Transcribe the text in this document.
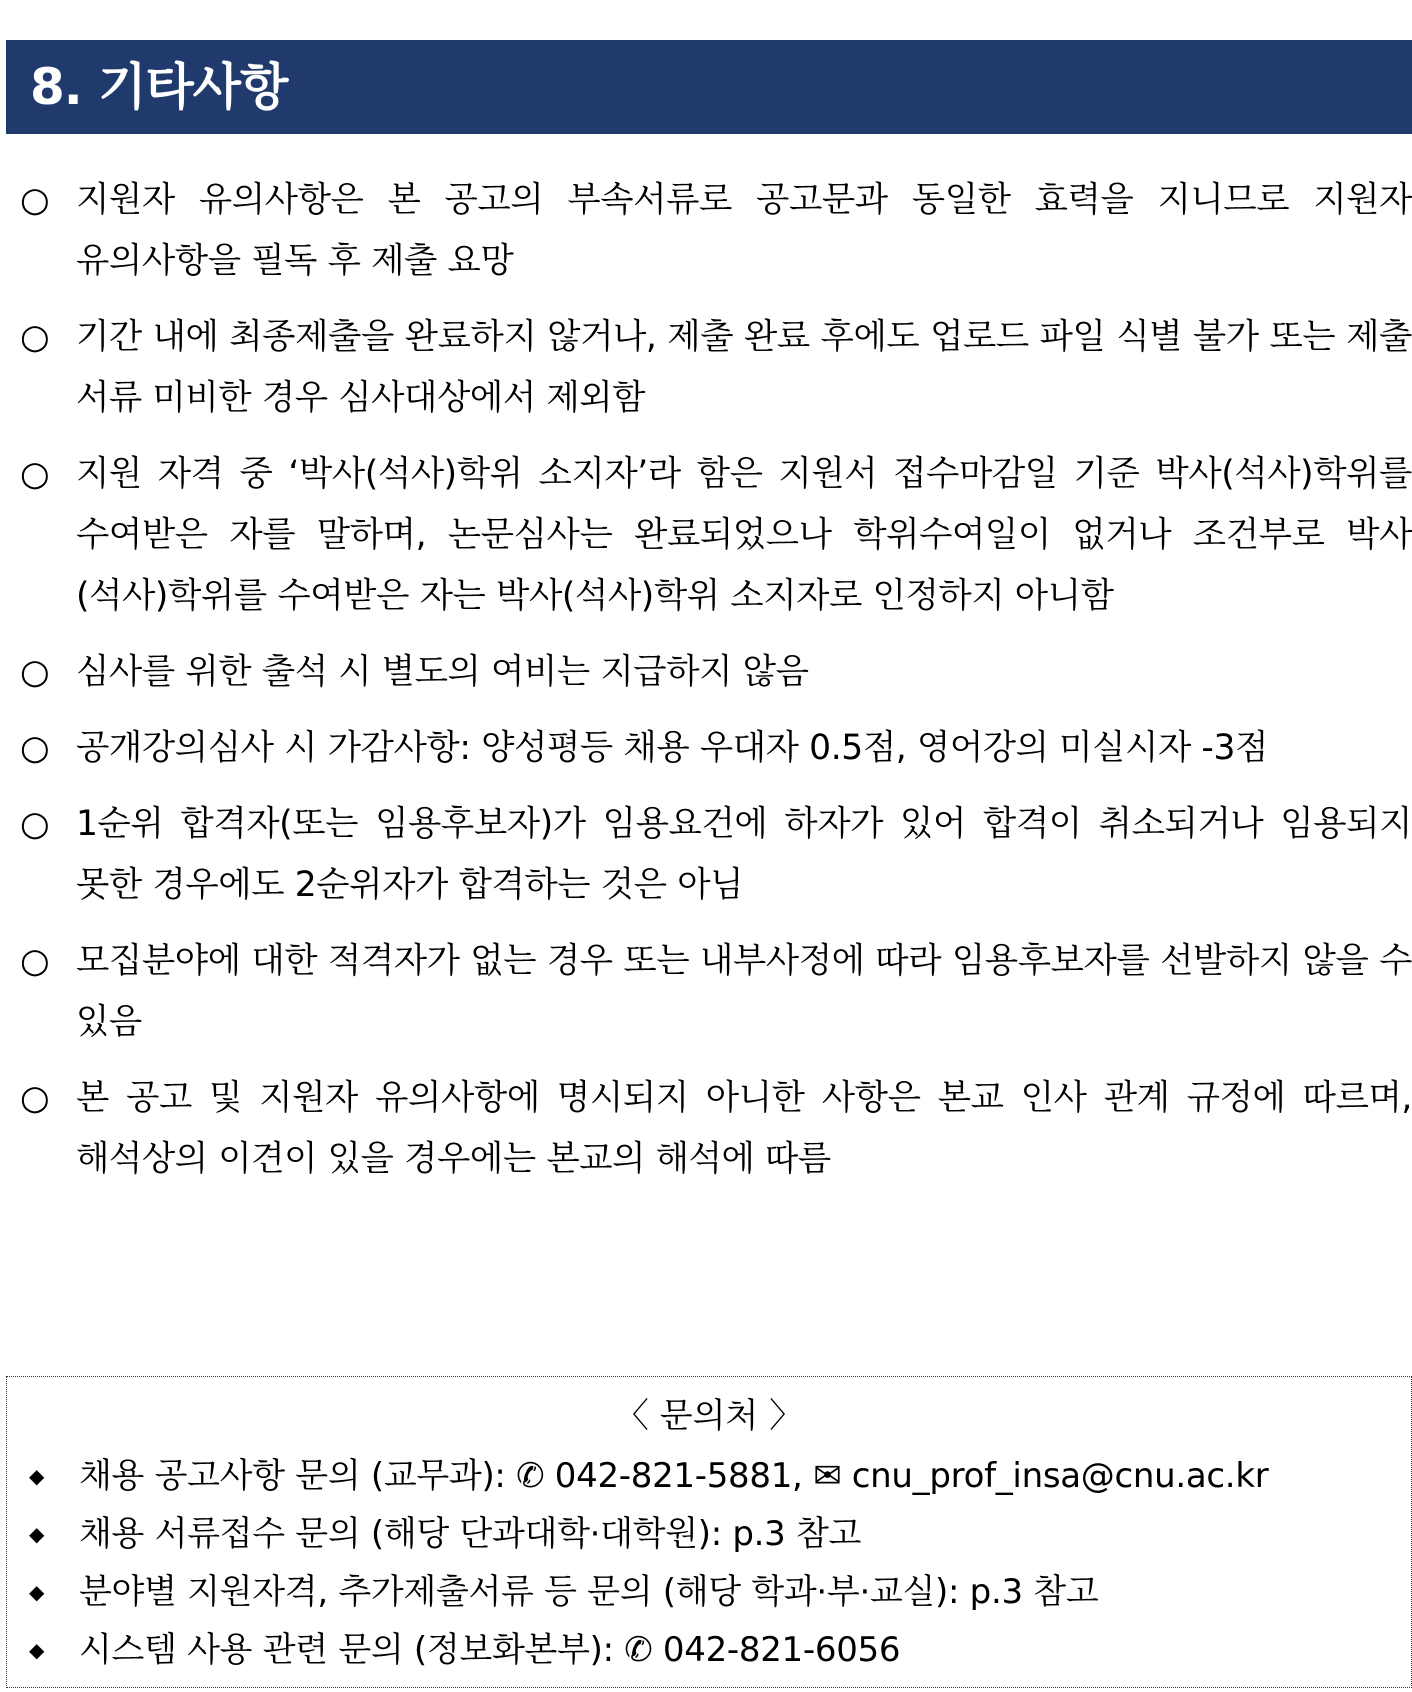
8. 기타사항
○ 지원자 유의사항은 본 공고의 부속서류로 공고문과 동일한 효력을 지니므로 지원자 유의사항을 필독 후 제출 요망
○ 기간 내에 최종제출을 완료하지 않거나, 제출 완료 후에도 업로드 파일 식별 불가 또는 제출 서류 미비한 경우 심사대상에서 제외함
○ 지원 자격 중 ‘박사(석사)학위 소지자’라 함은 지원서 접수마감일 기준 박사(석사)학위를 수여받은 자를 말하며, 논문심사는 완료되었으나 학위수여일이 없거나 조건부로 박사(석사)학위를 수여받은 자는 박사(석사)학위 소지자로 인정하지 아니함
○ 심사를 위한 출석 시 별도의 여비는 지급하지 않음
○ 공개강의심사 시 가감사항: 양성평등 채용 우대자 0.5점, 영어강의 미실시자 -3점
○ 1순위 합격자(또는 임용후보자)가 임용요건에 하자가 있어 합격이 취소되거나 임용되지 못한 경우에도 2순위자가 합격하는 것은 아님
○ 모집분야에 대한 적격자가 없는 경우 또는 내부사정에 따라 임용후보자를 선발하지 않을 수 있음
○ 본 공고 및 지원자 유의사항에 명시되지 아니한 사항은 본교 인사 관계 규정에 따르며, 해석상의 이견이 있을 경우에는 본교의 해석에 따름
〈 문의처 〉
◆	채용 공고사항 문의 (교무과): ✆ 042-821-5881, ✉ cnu_prof_insa@cnu.ac.kr
◆	채용 서류접수 문의 (해당 단과대학·대학원): p.3 참고
◆	분야별 지원자격, 추가제출서류 등 문의 (해당 학과·부·교실): p.3 참고
◆	시스템 사용 관련 문의 (정보화본부): ✆ 042-821-6056
